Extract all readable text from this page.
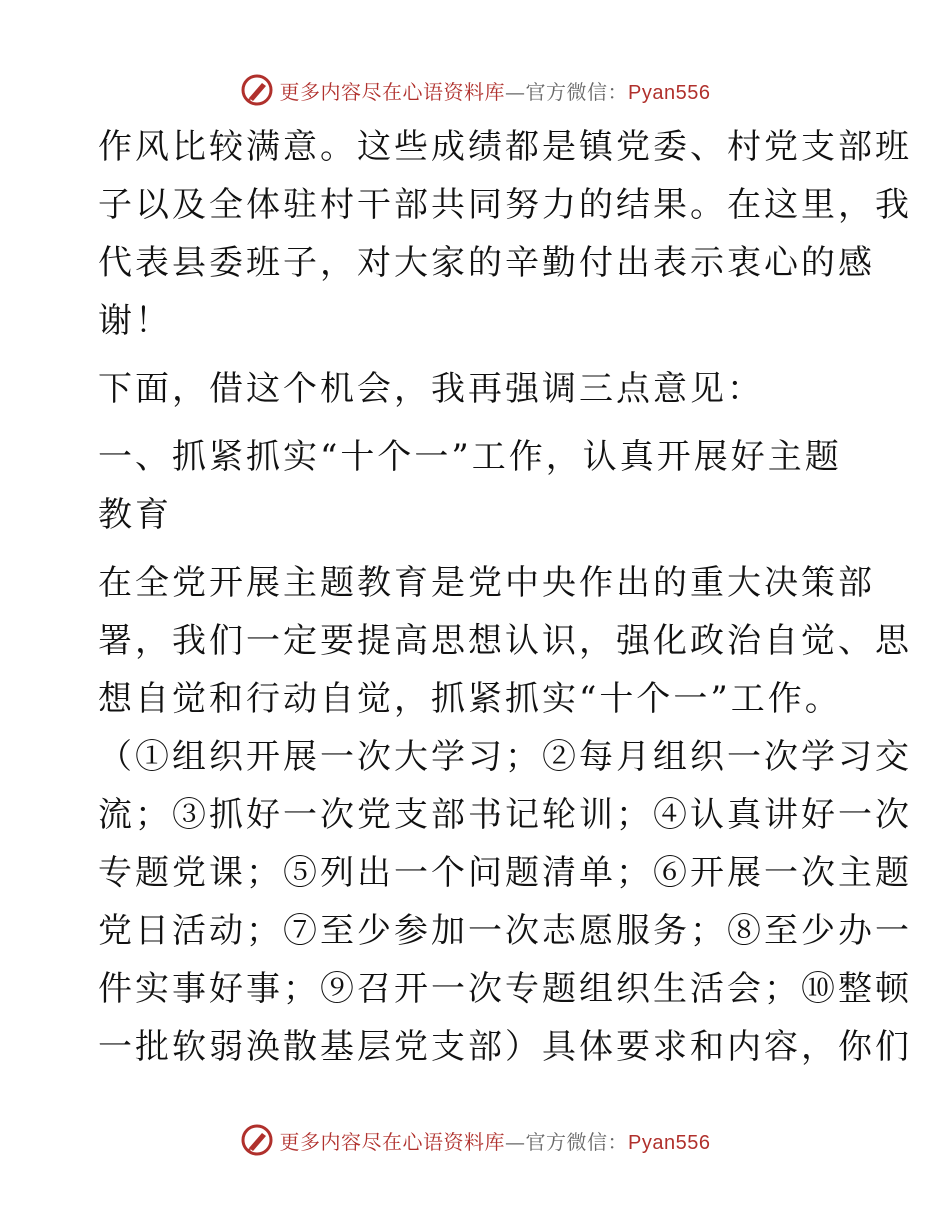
更多内容尽在心语资料库—官方微信：Pyan556
作风比较满意。这些成绩都是镇党委、村党支部班
子以及全体驻村干部共同努力的结果。在这里，我
代表县委班子，对大家的辛勤付出表示衷心的感
谢！
下面，借这个机会，我再强调三点意见：
一、抓紧抓实“十个一”工作，认真开展好主题
教育
在全党开展主题教育是党中央作出的重大决策部
署，我们一定要提高思想认识，强化政治自觉、思
想自觉和行动自觉，抓紧抓实“十个一”工作。
（①组织开展一次大学习；②每月组织一次学习交
流；③抓好一次党支部书记轮训；④认真讲好一次
专题党课；⑤列出一个问题清单；⑥开展一次主题
党日活动；⑦至少参加一次志愿服务；⑧至少办一
件实事好事；⑨召开一次专题组织生活会；⑩整顿
一批软弱涣散基层党支部）具体要求和内容，你们
更多内容尽在心语资料库—官方微信：Pyan556
